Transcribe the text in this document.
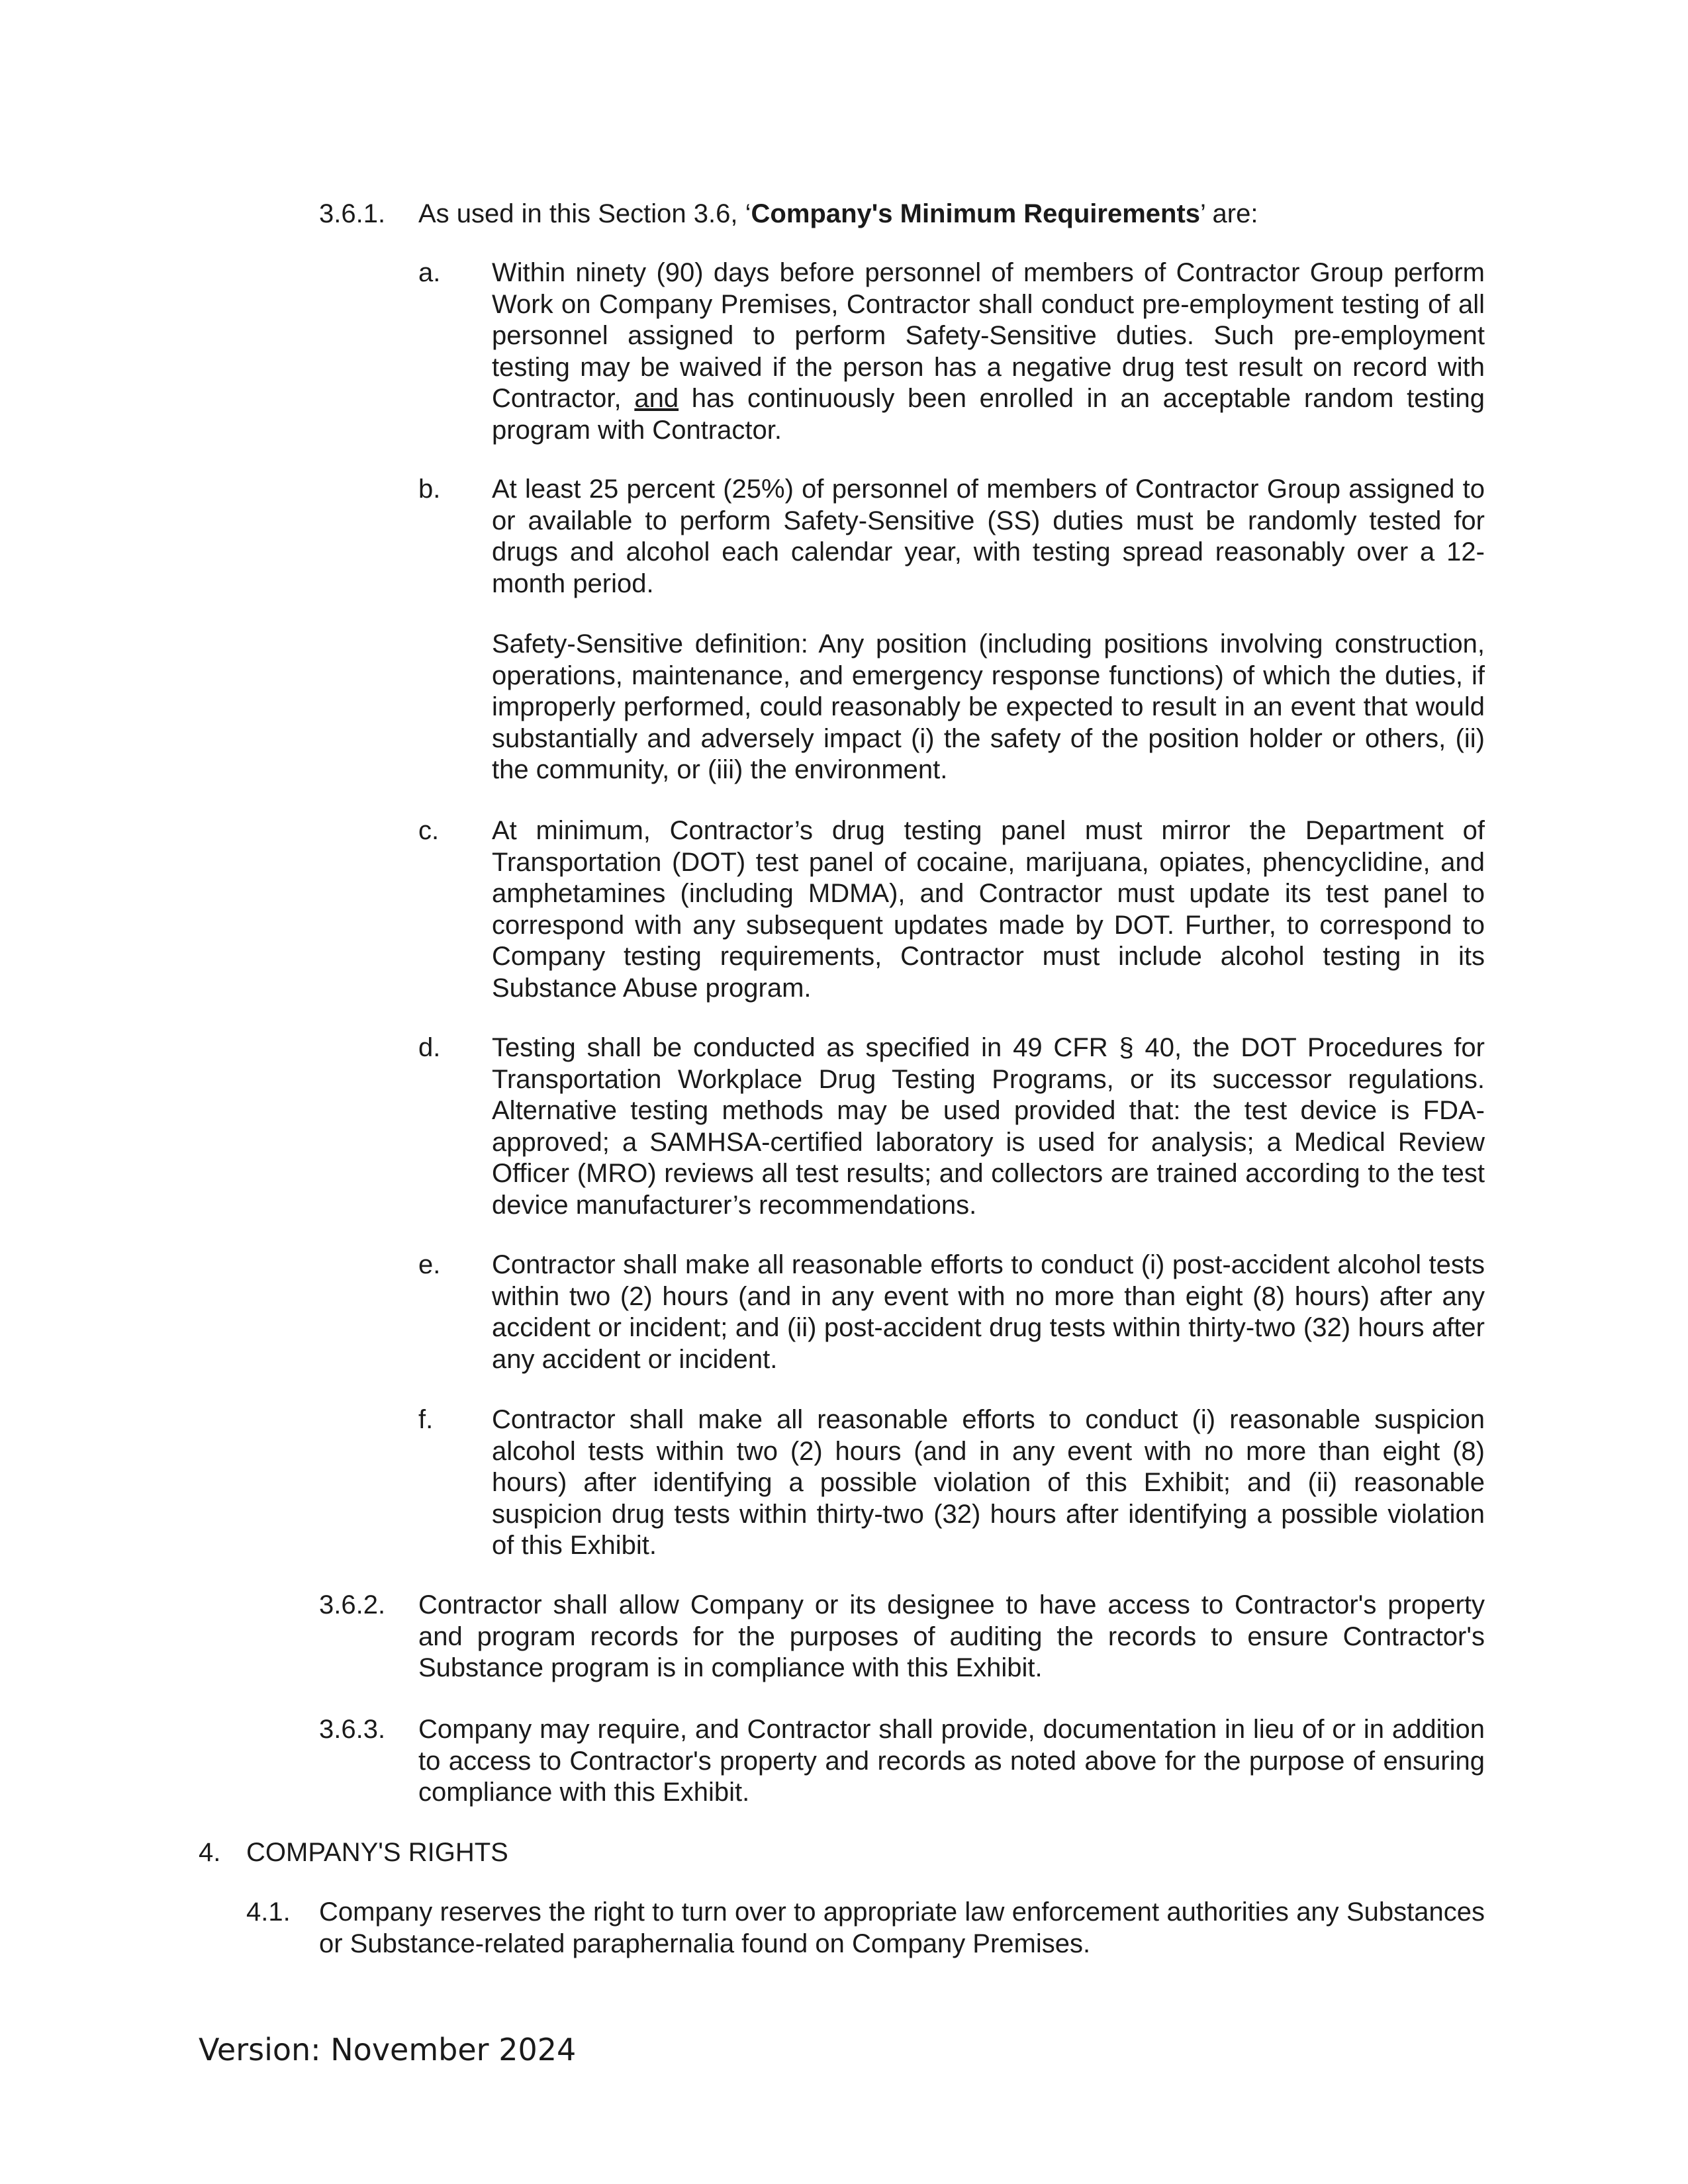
3.6.1. As used in this Section 3.6, ‘Company's Minimum Requirements’ are:
a. Within ninety (90) days before personnel of members of Contractor Group perform Work on Company Premises, Contractor shall conduct pre-employment testing of all personnel assigned to perform Safety-Sensitive duties. Such pre-employment testing may be waived if the person has a negative drug test result on record with Contractor, and has continuously been enrolled in an acceptable random testing program with Contractor.
b. At least 25 percent (25%) of personnel of members of Contractor Group assigned to or available to perform Safety-Sensitive (SS) duties must be randomly tested for drugs and alcohol each calendar year, with testing spread reasonably over a 12-month period.
Safety-Sensitive definition: Any position (including positions involving construction, operations, maintenance, and emergency response functions) of which the duties, if improperly performed, could reasonably be expected to result in an event that would substantially and adversely impact (i) the safety of the position holder or others, (ii) the community, or (iii) the environment.
c. At minimum, Contractor’s drug testing panel must mirror the Department of Transportation (DOT) test panel of cocaine, marijuana, opiates, phencyclidine, and amphetamines (including MDMA), and Contractor must update its test panel to correspond with any subsequent updates made by DOT. Further, to correspond to Company testing requirements, Contractor must include alcohol testing in its Substance Abuse program.
d. Testing shall be conducted as specified in 49 CFR § 40, the DOT Procedures for Transportation Workplace Drug Testing Programs, or its successor regulations. Alternative testing methods may be used provided that: the test device is FDA-approved; a SAMHSA-certified laboratory is used for analysis; a Medical Review Officer (MRO) reviews all test results; and collectors are trained according to the test device manufacturer’s recommendations.
e. Contractor shall make all reasonable efforts to conduct (i) post-accident alcohol tests within two (2) hours (and in any event with no more than eight (8) hours) after any accident or incident; and (ii) post-accident drug tests within thirty-two (32) hours after any accident or incident.
f. Contractor shall make all reasonable efforts to conduct (i) reasonable suspicion alcohol tests within two (2) hours (and in any event with no more than eight (8) hours) after identifying a possible violation of this Exhibit; and (ii) reasonable suspicion drug tests within thirty-two (32) hours after identifying a possible violation of this Exhibit.
3.6.2. Contractor shall allow Company or its designee to have access to Contractor's property and program records for the purposes of auditing the records to ensure Contractor's Substance program is in compliance with this Exhibit.
3.6.3. Company may require, and Contractor shall provide, documentation in lieu of or in addition to access to Contractor's property and records as noted above for the purpose of ensuring compliance with this Exhibit.
4. COMPANY'S RIGHTS
4.1. Company reserves the right to turn over to appropriate law enforcement authorities any Substances or Substance-related paraphernalia found on Company Premises.
Version: November 2024
